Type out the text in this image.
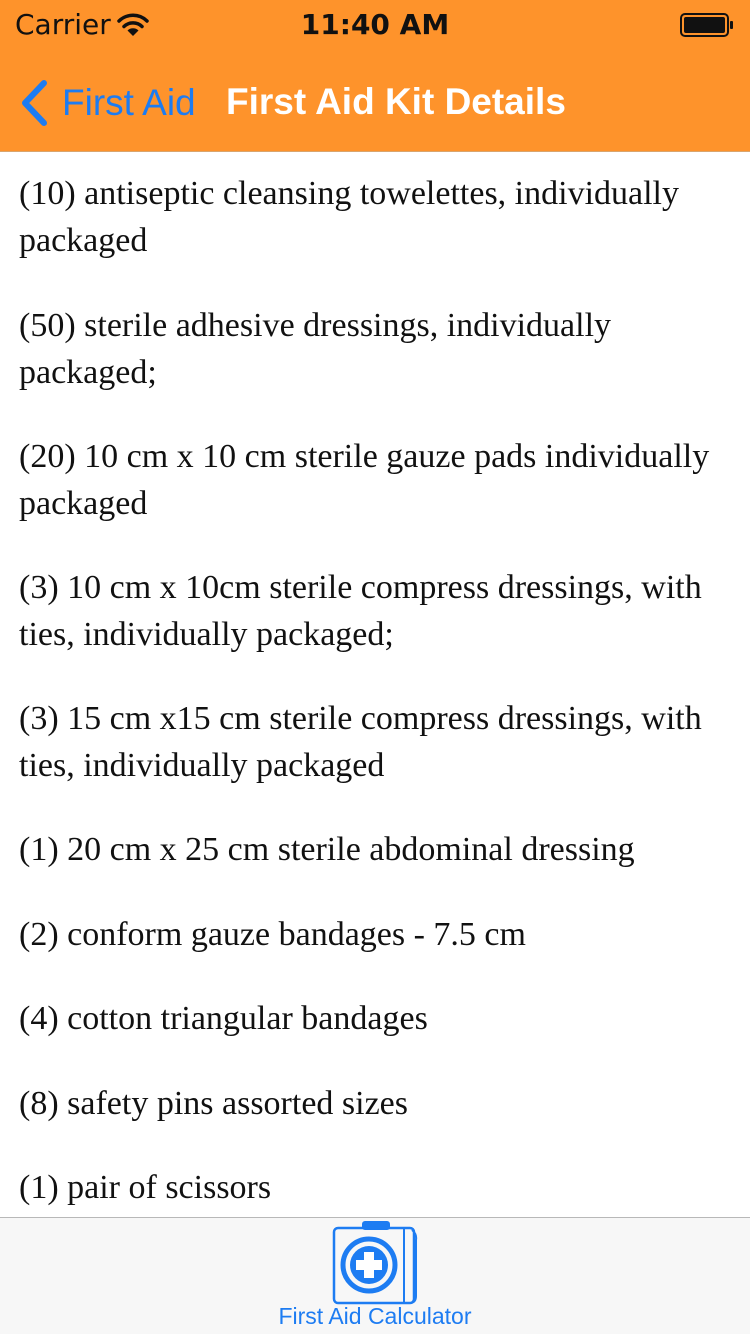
Carrier	11:40 AM
First Aid First Aid Kit Details

(10) antiseptic cleansing towelettes, individually packaged

(50) sterile adhesive dressings, individually packaged;

(20) 10 cm x 10 cm sterile gauze pads individually packaged

(3) 10 cm x 10cm sterile compress dressings, with ties, individually packaged;

(3) 15 cm x15 cm sterile compress dressings, with ties, individually packaged

(1) 20 cm x 25 cm sterile abdominal dressing

(2) conform gauze bandages - 7.5 cm

(4) cotton triangular bandages

(8) safety pins assorted sizes

(1) pair of scissors

First Aid Calculator
